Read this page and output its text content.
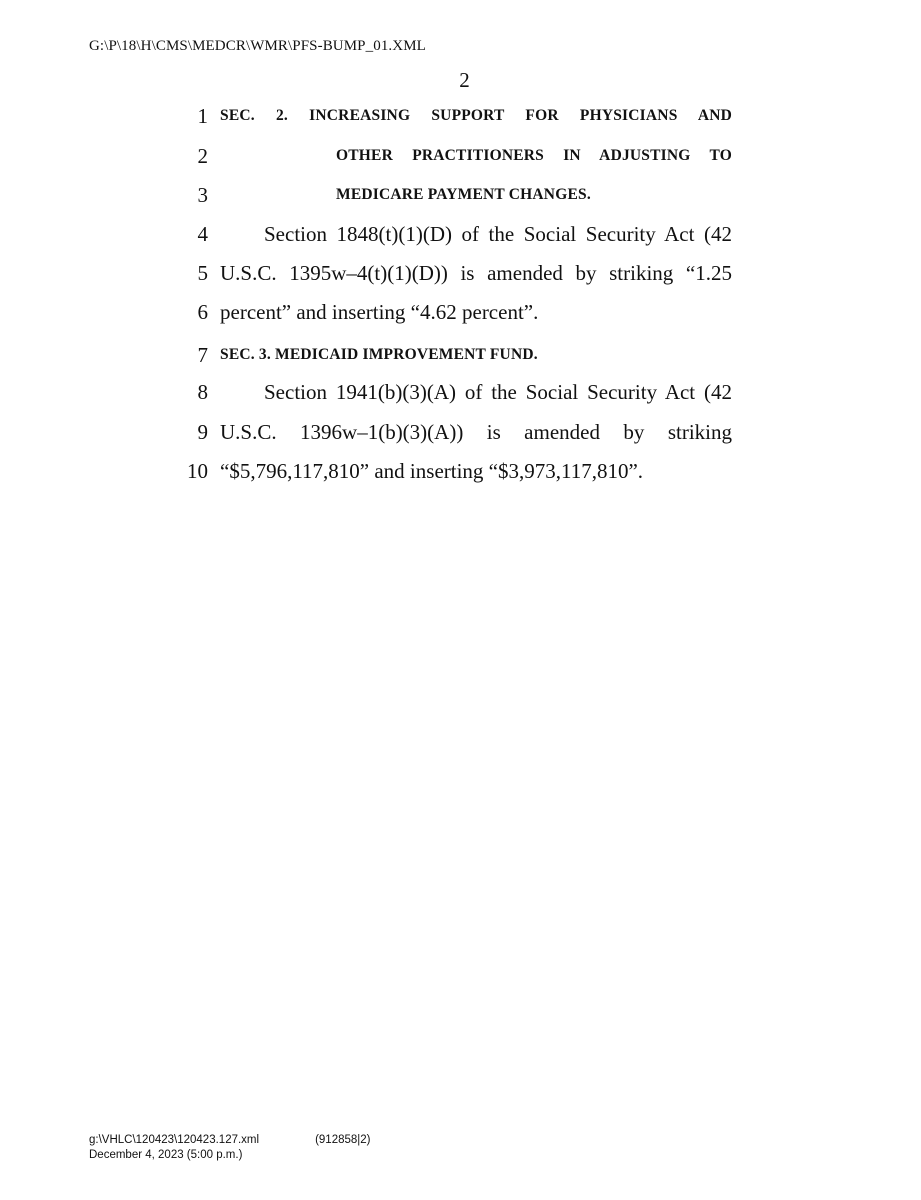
G:\P\18\H\CMS\MEDCR\WMR\PFS-BUMP_01.XML
2
1 SEC. 2. INCREASING SUPPORT FOR PHYSICIANS AND
2	OTHER PRACTITIONERS IN ADJUSTING TO
3	MEDICARE PAYMENT CHANGES.
4	Section 1848(t)(1)(D) of the Social Security Act (42
5 U.S.C. 1395w–4(t)(1)(D)) is amended by striking “1.25
6 percent” and inserting “4.62 percent”.
7 SEC. 3. MEDICAID IMPROVEMENT FUND.
8	Section 1941(b)(3)(A) of the Social Security Act (42
9 U.S.C. 1396w–1(b)(3)(A)) is amended by striking
10 “$5,796,117,810” and inserting “$3,973,117,810”.
g:\VHLC\120423\120423.127.xml	(912858|2)
December 4, 2023 (5:00 p.m.)
